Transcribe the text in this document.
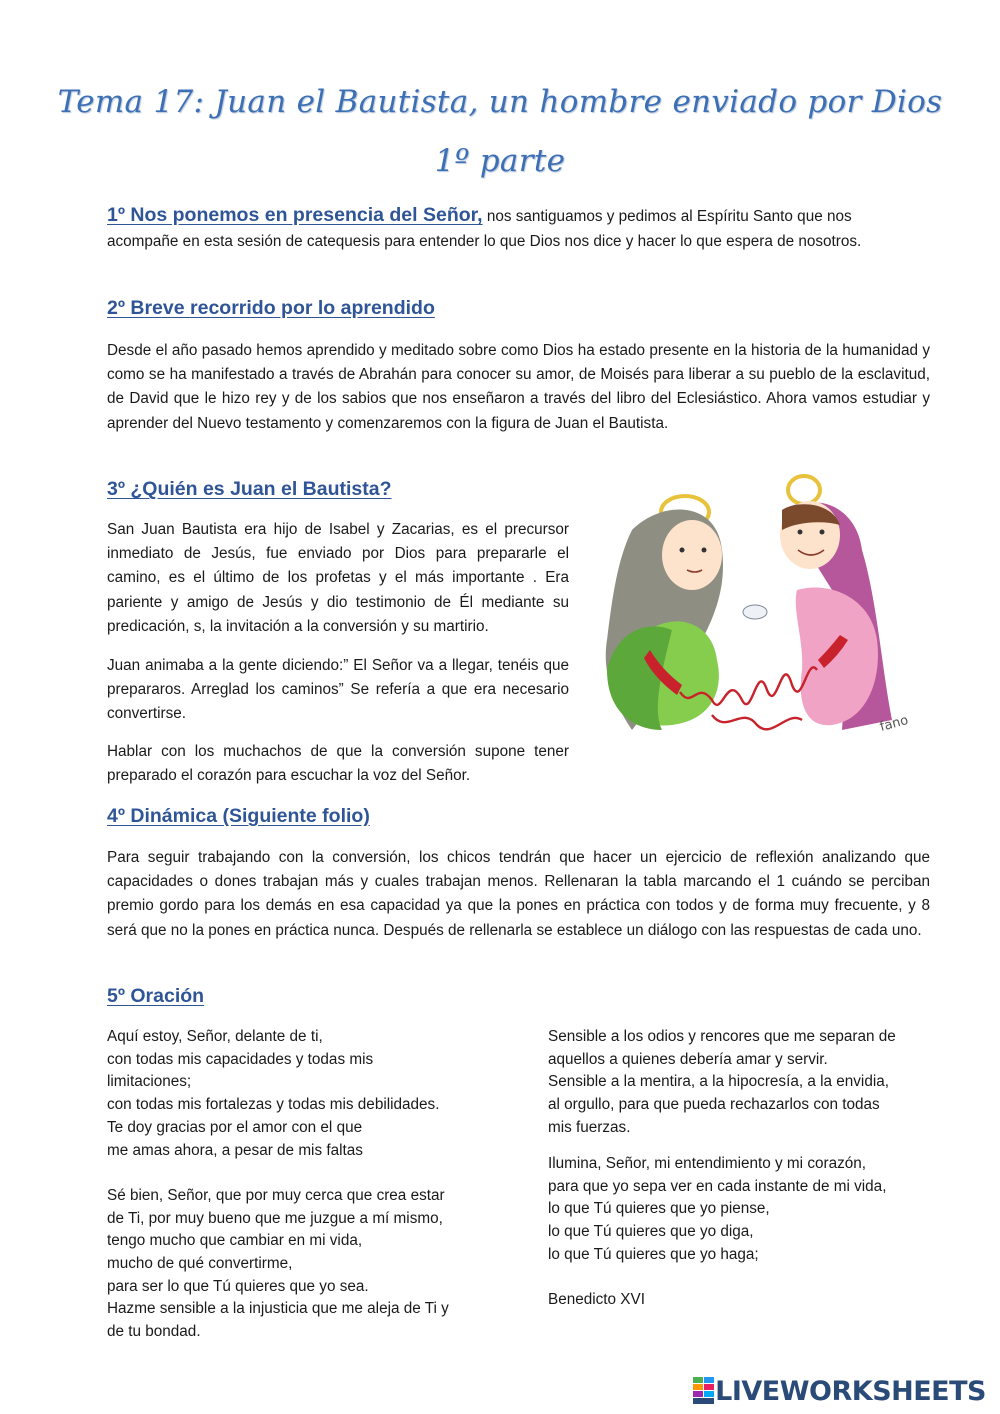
Tema 17: Juan el Bautista, un hombre enviado por Dios
1º parte
1º Nos ponemos en presencia del Señor, nos santiguamos y pedimos al Espíritu Santo que nos acompañe en esta sesión de catequesis para entender lo que Dios nos dice y hacer lo que espera de nosotros.
2º Breve recorrido por lo aprendido
Desde el año pasado hemos aprendido y meditado sobre como Dios ha estado presente en la historia de la humanidad y como se ha manifestado a través de Abrahán para conocer su amor, de Moisés para liberar a su pueblo de la esclavitud, de David que le hizo rey y de los sabios que nos enseñaron a través del libro del Eclesiástico. Ahora vamos estudiar y aprender del Nuevo testamento y comenzaremos con la figura de Juan el Bautista.
3º ¿Quién es Juan el Bautista?
San Juan Bautista era hijo de Isabel y Zacarias, es el precursor inmediato de Jesús, fue enviado por Dios para prepararle el camino, es el último de los profetas y el más importante . Era pariente y amigo de Jesús y dio testimonio de Él mediante su predicación, s, la invitación a la conversión y su martirio.
Juan animaba a la gente diciendo:” El Señor va a llegar, tenéis que prepararos. Arreglad los caminos” Se refería a que era necesario convertirse.
Hablar con los muchachos de que la conversión supone tener preparado el corazón para escuchar la voz del Señor.
fano
4º Dinámica (Siguiente folio)
Para seguir trabajando con la conversión, los chicos tendrán que hacer un ejercicio de reflexión analizando que capacidades o dones trabajan más y cuales trabajan menos. Rellenaran la tabla marcando el 1 cuándo se perciban premio gordo para los demás en esa capacidad ya que la pones en práctica con todos y de forma muy frecuente, y 8 será que no la pones en práctica nunca. Después de rellenarla se establece un diálogo con las respuestas de cada uno.
5º Oración
Aquí estoy, Señor, delante de ti,
con todas mis capacidades y todas mis
limitaciones;
con todas mis fortalezas y todas mis debilidades.
Te doy gracias por el amor con el que
me amas ahora, a pesar de mis faltas

Sé bien, Señor, que por muy cerca que crea estar
de Ti, por muy bueno que me juzgue a mí mismo,
tengo mucho que cambiar en mi vida,
mucho de qué convertirme,
para ser lo que Tú quieres que yo sea.
Hazme sensible a la injusticia que me aleja de Ti y
de tu bondad.
Sensible a los odios y rencores que me separan de
aquellos a quienes debería amar y servir.
Sensible a la mentira, a la hipocresía, a la envidia,
al orgullo, para que pueda rechazarlos con todas
mis fuerzas.
Ilumina, Señor, mi entendimiento y mi corazón,
para que yo sepa ver en cada instante de mi vida,
lo que Tú quieres que yo piense,
lo que Tú quieres que yo diga,
lo que Tú quieres que yo haga;
Benedicto XVI
LIVEWORKSHEETS
